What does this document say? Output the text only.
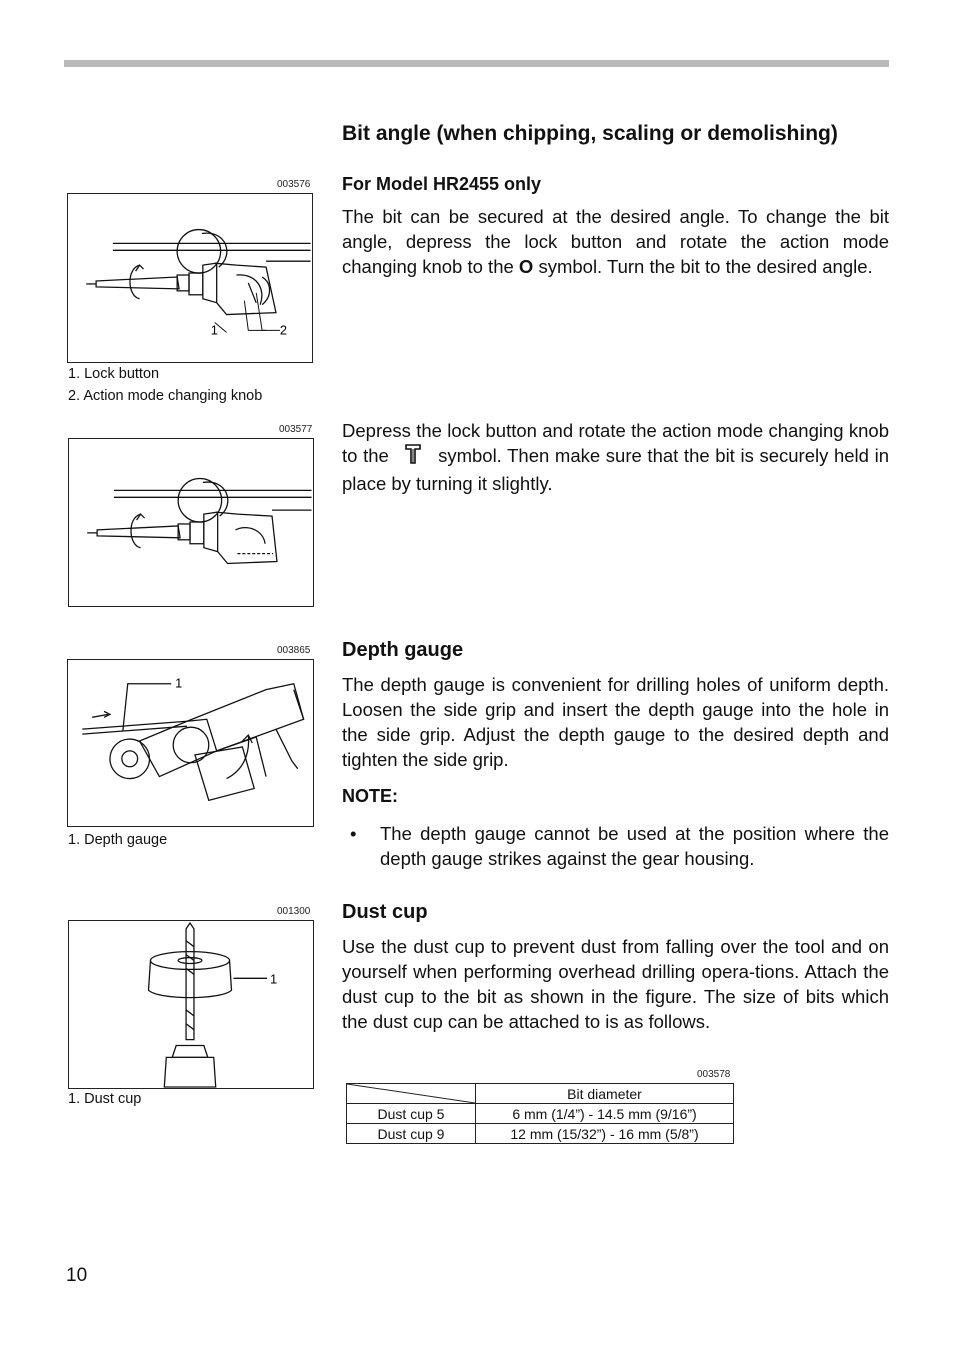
Bit angle (when chipping, scaling or demolishing)
For Model HR2455 only
The bit can be secured at the desired angle. To change the bit angle, depress the lock button and rotate the action mode changing knob to the O symbol. Turn the bit to the desired angle.
Depress the lock button and rotate the action mode changing knob to the  symbol. Then make sure that the bit is securely held in place by turning it slightly.
Depth gauge
The depth gauge is convenient for drilling holes of uniform depth. Loosen the side grip and insert the depth gauge into the hole in the side grip. Adjust the depth gauge to the desired depth and tighten the side grip.
NOTE:
• The depth gauge cannot be used at the position where the depth gauge strikes against the gear housing.
Dust cup
Use the dust cup to prevent dust from falling over the tool and on yourself when performing overhead drilling opera-tions. Attach the dust cup to the bit as shown in the figure. The size of bits which the dust cup can be attached to is as follows.
003578
	Bit diameter
Dust cup 5	6 mm (1/4”) - 14.5 mm (9/16”)
Dust cup 9	12 mm (15/32”) - 16 mm (5/8”)
003576
1	2
1. Lock button
2. Action mode changing knob
003577
003865
1
1. Depth gauge
001300
1
1. Dust cup
10
